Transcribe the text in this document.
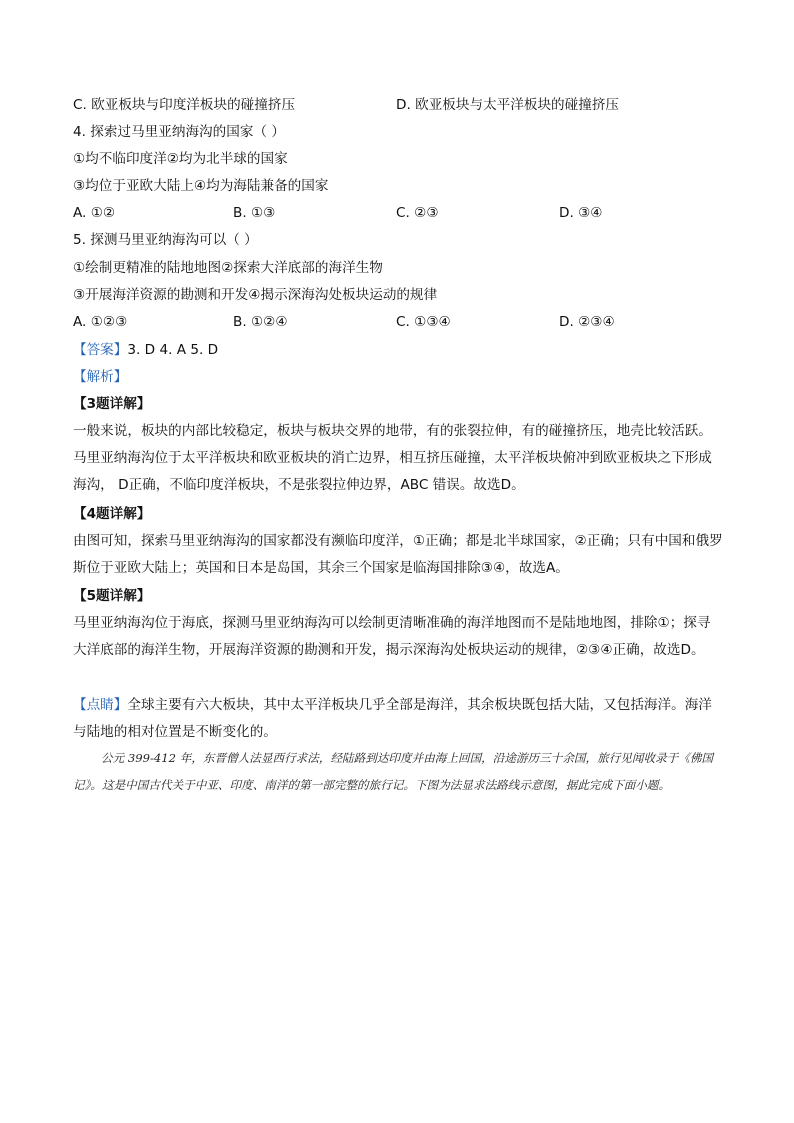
C. 欧亚板块与印度洋板块的碰撞挤压	D. 欧亚板块与太平洋板块的碰撞挤压
4. 探索过马里亚纳海沟的国家（ ）
①均不临印度洋②均为北半球的国家
③均位于亚欧大陆上④均为海陆兼备的国家
A. ①②	B. ①③	C. ②③	D. ③④
5. 探测马里亚纳海沟可以（ ）
①绘制更精准的陆地地图②探索大洋底部的海洋生物
③开展海洋资源的勘测和开发④揭示深海沟处板块运动的规律
A. ①②③	B. ①②④	C. ①③④	D. ②③④
【答案】3. D 4. A 5. D
【解析】
【3题详解】
一般来说，板块的内部比较稳定，板块与板块交界的地带，有的张裂拉伸，有的碰撞挤压，地壳比较活跃。马里亚纳海沟位于太平洋板块和欧亚板块的消亡边界，相互挤压碰撞，太平洋板块俯冲到欧亚板块之下形成海沟， D正确，不临印度洋板块，不是张裂拉伸边界，ABC 错误。故选D。
【4题详解】
由图可知，探索马里亚纳海沟的国家都没有濒临印度洋，①正确；都是北半球国家，②正确；只有中国和俄罗斯位于亚欧大陆上；英国和日本是岛国，其余三个国家是临海国排除③④，故选A。
【5题详解】
马里亚纳海沟位于海底，探测马里亚纳海沟可以绘制更清晰准确的海洋地图而不是陆地地图，排除①；探寻大洋底部的海洋生物，开展海洋资源的勘测和开发，揭示深海沟处板块运动的规律，②③④正确，故选D。
【点睛】全球主要有六大板块，其中太平洋板块几乎全部是海洋，其余板块既包括大陆，又包括海洋。海洋与陆地的相对位置是不断变化的。
公元 399-412 年，东晋僧人法显西行求法，经陆路到达印度并由海上回国，沿途游历三十余国，旅行见闻收录于《佛国记》。这是中国古代关于中亚、印度、南洋的第一部完整的旅行记。下图为法显求法路线示意图，据此完成下面小题。
